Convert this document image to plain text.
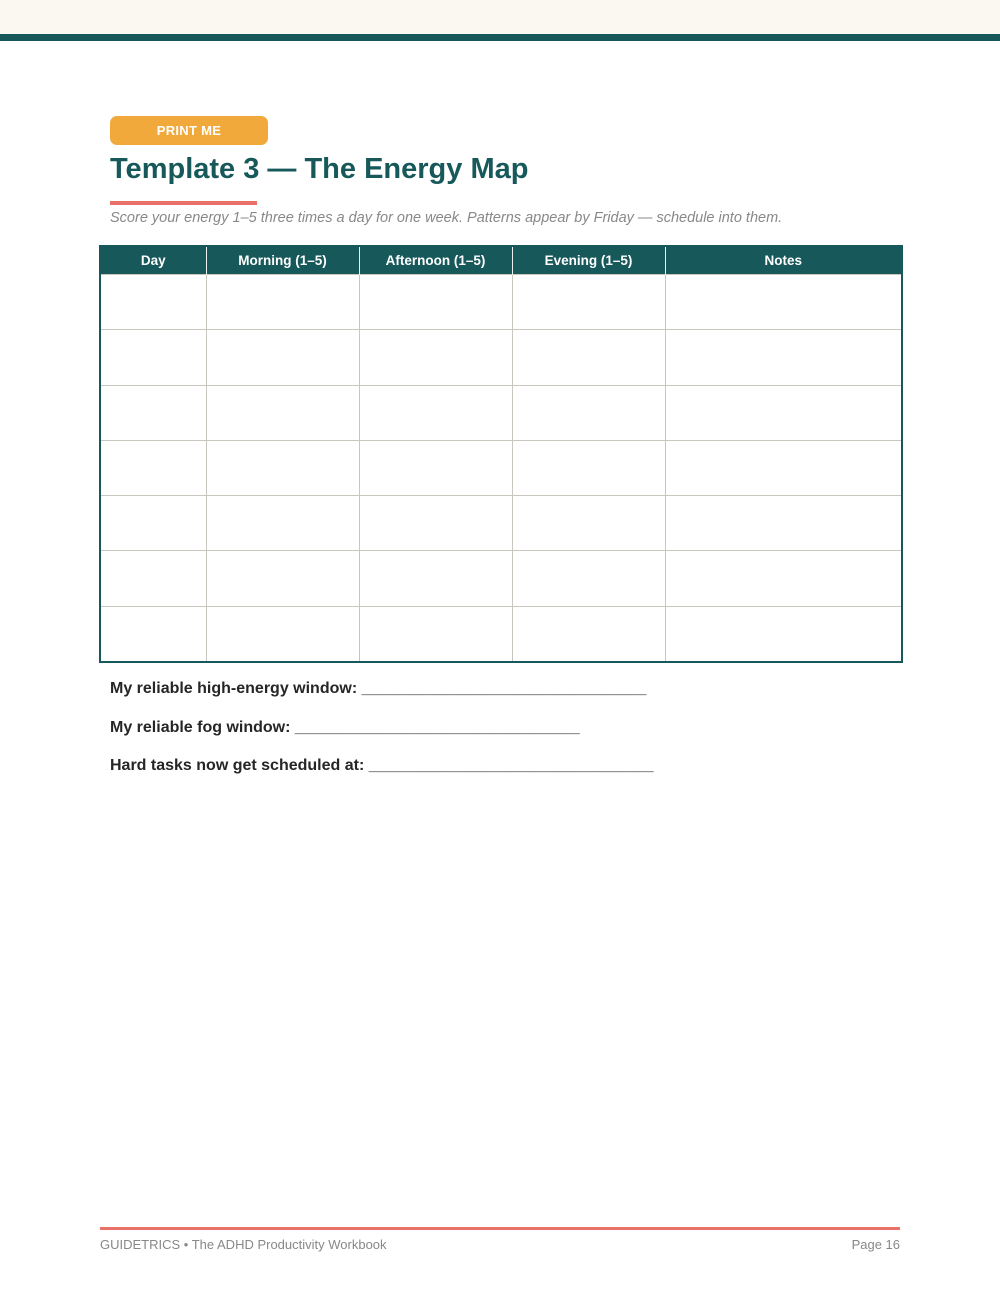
PRINT ME
Template 3 — The Energy Map
Score your energy 1–5 three times a day for one week. Patterns appear by Friday — schedule into them.
Day	Morning (1–5)	Afternoon (1–5)	Evening (1–5)	Notes

My reliable high-energy window: ________________________________
My reliable fog window: ________________________________
Hard tasks now get scheduled at: ________________________________
GUIDETRICS • The ADHD Productivity Workbook	Page 16
